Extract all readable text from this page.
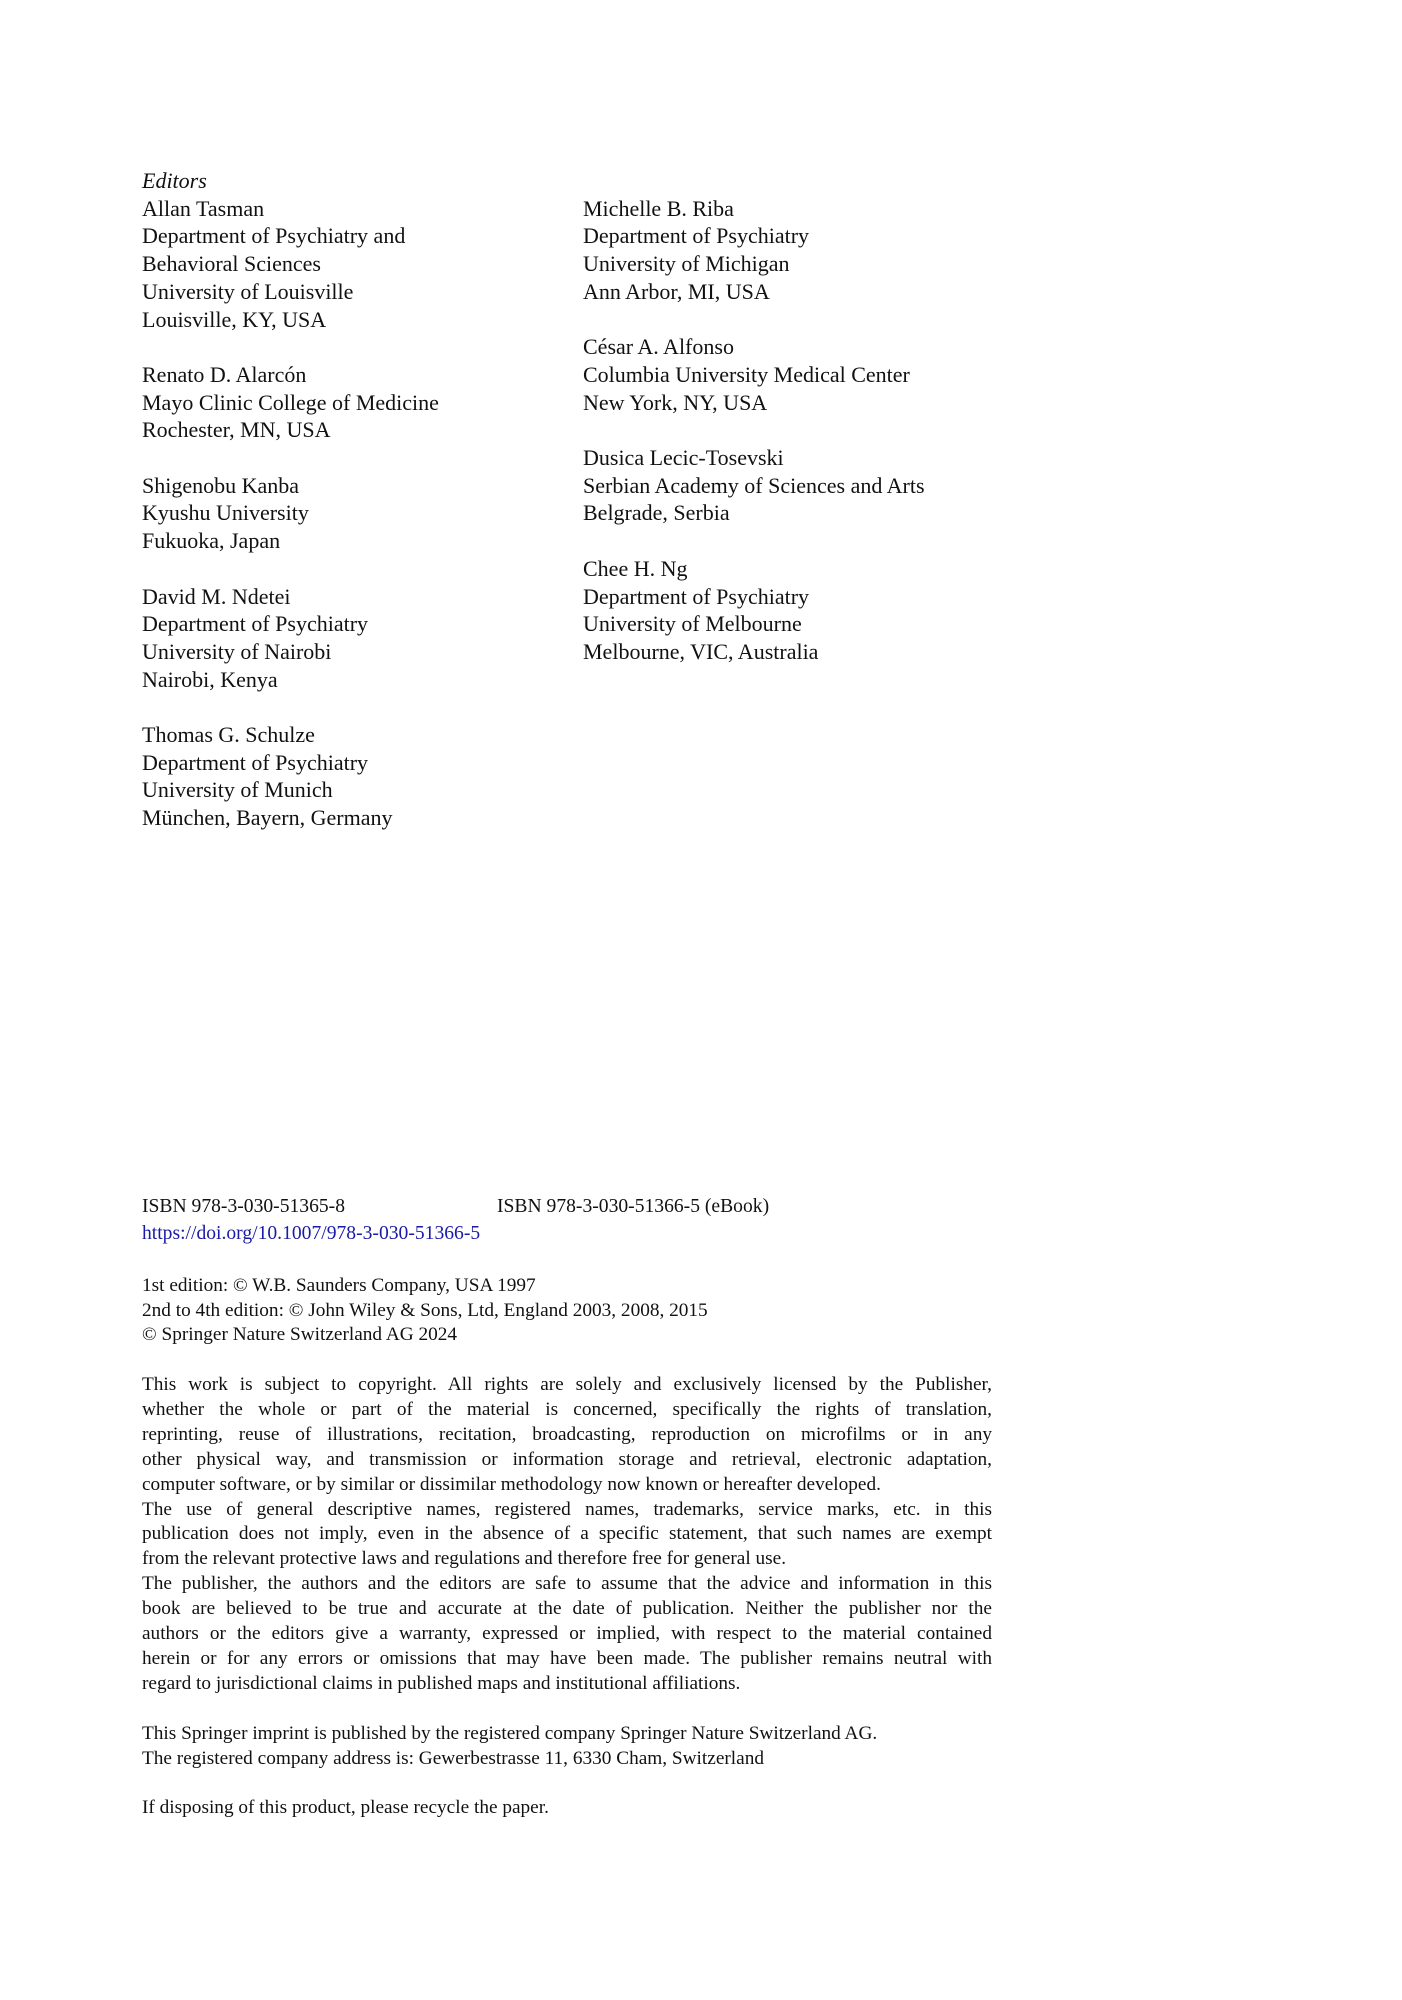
Editors
Allan Tasman
Department of Psychiatry and
Behavioral Sciences
University of Louisville
Louisville, KY, USA

Renato D. Alarcón
Mayo Clinic College of Medicine
Rochester, MN, USA

Shigenobu Kanba
Kyushu University
Fukuoka, Japan

David M. Ndetei
Department of Psychiatry
University of Nairobi
Nairobi, Kenya

Thomas G. Schulze
Department of Psychiatry
University of Munich
München, Bayern, Germany
Michelle B. Riba
Department of Psychiatry
University of Michigan
Ann Arbor, MI, USA

César A. Alfonso
Columbia University Medical Center
New York, NY, USA

Dusica Lecic-Tosevski
Serbian Academy of Sciences and Arts
Belgrade, Serbia

Chee H. Ng
Department of Psychiatry
University of Melbourne
Melbourne, VIC, Australia
ISBN 978-3-030-51365-8	ISBN 978-3-030-51366-5 (eBook)
https://doi.org/10.1007/978-3-030-51366-5
1st edition: © W.B. Saunders Company, USA 1997
2nd to 4th edition: © John Wiley & Sons, Ltd, England 2003, 2008, 2015
© Springer Nature Switzerland AG 2024
This work is subject to copyright. All rights are solely and exclusively licensed by the Publisher,
whether the whole or part of the material is concerned, specifically the rights of translation,
reprinting, reuse of illustrations, recitation, broadcasting, reproduction on microfilms or in any
other physical way, and transmission or information storage and retrieval, electronic adaptation,
computer software, or by similar or dissimilar methodology now known or hereafter developed.
The use of general descriptive names, registered names, trademarks, service marks, etc. in this
publication does not imply, even in the absence of a specific statement, that such names are exempt
from the relevant protective laws and regulations and therefore free for general use.
The publisher, the authors and the editors are safe to assume that the advice and information in this
book are believed to be true and accurate at the date of publication. Neither the publisher nor the
authors or the editors give a warranty, expressed or implied, with respect to the material contained
herein or for any errors or omissions that may have been made. The publisher remains neutral with
regard to jurisdictional claims in published maps and institutional affiliations.
This Springer imprint is published by the registered company Springer Nature Switzerland AG.
The registered company address is: Gewerbestrasse 11, 6330 Cham, Switzerland
If disposing of this product, please recycle the paper.
